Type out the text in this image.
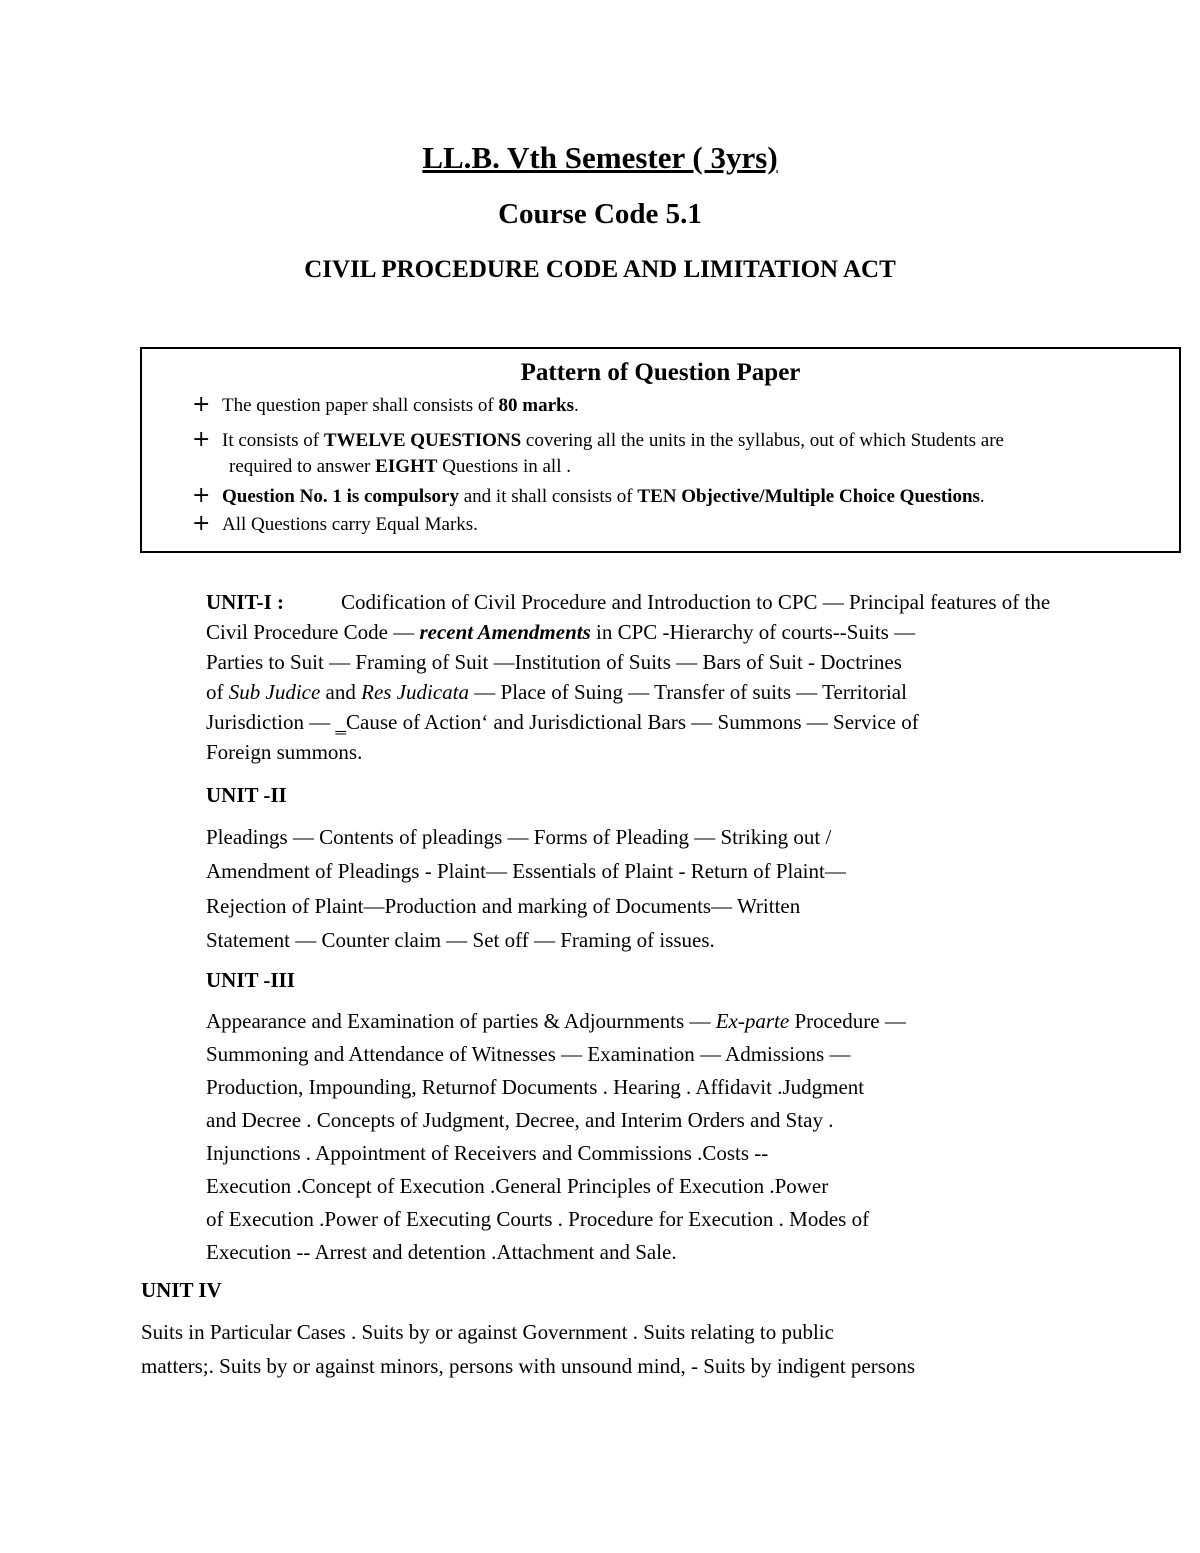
LL.B. Vth Semester ( 3yrs)
Course Code 5.1
CIVIL PROCEDURE CODE AND LIMITATION ACT
Pattern of Question Paper
+ The question paper shall consists of 80 marks.
+ It consists of TWELVE QUESTIONS covering all the units in the syllabus, out of which Students are
required to answer EIGHT Questions in all .
+ Question No. 1 is compulsory and it shall consists of TEN Objective/Multiple Choice Questions.
+ All Questions carry Equal Marks.
UNIT-I :	Codification of Civil Procedure and Introduction to CPC — Principal features of the
Civil Procedure Code — recent Amendments in CPC -Hierarchy of courts--Suits —
Parties to Suit — Framing of Suit —Institution of Suits — Bars of Suit - Doctrines
of Sub Judice and Res Judicata — Place of Suing — Transfer of suits — Territorial
Jurisdiction — ‗Cause of Action‘ and Jurisdictional Bars — Summons — Service of
Foreign summons.
UNIT -II
Pleadings — Contents of pleadings — Forms of Pleading — Striking out /
Amendment of Pleadings - Plaint— Essentials of Plaint - Return of Plaint—
Rejection of Plaint—Production and marking of Documents— Written
Statement — Counter claim — Set off — Framing of issues.
UNIT -III
Appearance and Examination of parties & Adjournments — Ex-parte Procedure —
Summoning and Attendance of Witnesses — Examination — Admissions —
Production, Impounding, Returnof Documents . Hearing . Affidavit .Judgment
and Decree . Concepts of Judgment, Decree, and Interim Orders and Stay .
Injunctions . Appointment of Receivers and Commissions .Costs --
Execution .Concept of Execution .General Principles of Execution .Power
of Execution .Power of Executing Courts . Procedure for Execution . Modes of
Execution -- Arrest and detention .Attachment and Sale.
UNIT IV
Suits in Particular Cases . Suits by or against Government . Suits relating to public
matters;. Suits by or against minors, persons with unsound mind, - Suits by indigent persons
